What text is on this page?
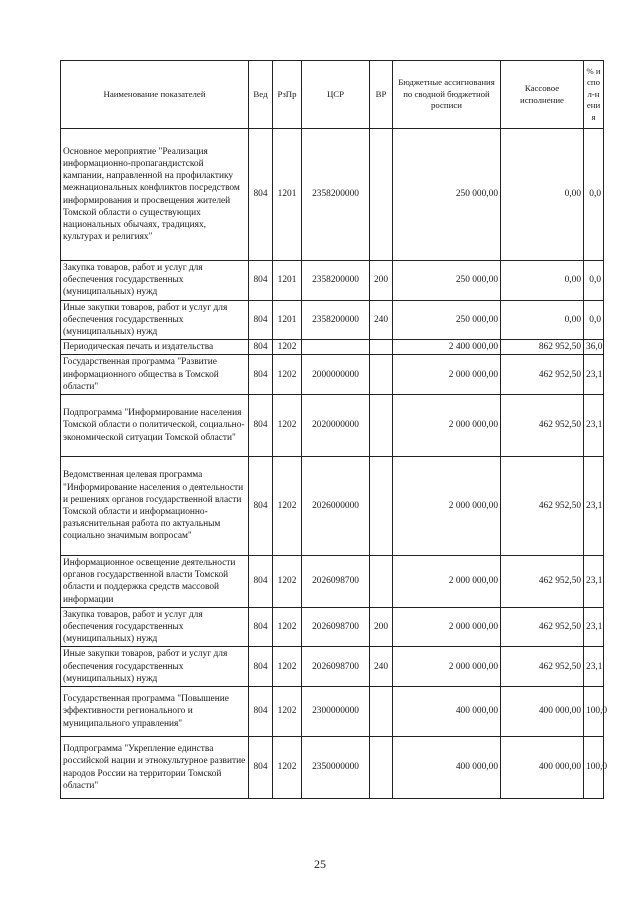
Наименование показателей	Вед	РзПр	ЦСР	ВР	Бюджетные ассигнования по сводной бюджетной росписи	Кассовое исполнение	% испол-нения
Основное мероприятие "Реализация информационно-пропагандистской кампании, направленной на профилактику межнациональных конфликтов посредством информирования и просвещения жителей Томской области о существующих национальных обычаях, традициях, культурах и религиях"	804	1201	2358200000		250 000,00	0,00	0,0
Закупка товаров, работ и услуг для обеспечения государственных (муниципальных) нужд	804	1201	2358200000	200	250 000,00	0,00	0,0
Иные закупки товаров, работ и услуг для обеспечения государственных (муниципальных) нужд	804	1201	2358200000	240	250 000,00	0,00	0,0
Периодическая печать и издательства	804	1202			2 400 000,00	862 952,50	36,0
Государственная программа "Развитие информационного общества в Томской области"	804	1202	2000000000		2 000 000,00	462 952,50	23,1
Подпрограмма "Информирование населения Томской области о политической, социально-экономической ситуации Томской области"	804	1202	2020000000		2 000 000,00	462 952,50	23,1
Ведомственная целевая программа "Информирование населения о деятельности и решениях органов государственной власти Томской области и информационно-разъяснительная работа по актуальным социально значимым вопросам"	804	1202	2026000000		2 000 000,00	462 952,50	23,1
Информационное освещение деятельности органов государственной власти Томской области и поддержка средств массовой информации	804	1202	2026098700		2 000 000,00	462 952,50	23,1
Закупка товаров, работ и услуг для обеспечения государственных (муниципальных) нужд	804	1202	2026098700	200	2 000 000,00	462 952,50	23,1
Иные закупки товаров, работ и услуг для обеспечения государственных (муниципальных) нужд	804	1202	2026098700	240	2 000 000,00	462 952,50	23,1
Государственная программа "Повышение эффективности регионального и муниципального управления"	804	1202	2300000000		400 000,00	400 000,00	100,0
Подпрограмма "Укрепление единства российской нации и этнокультурное развитие народов России на территории Томской области"	804	1202	2350000000		400 000,00	400 000,00	100,0
25
